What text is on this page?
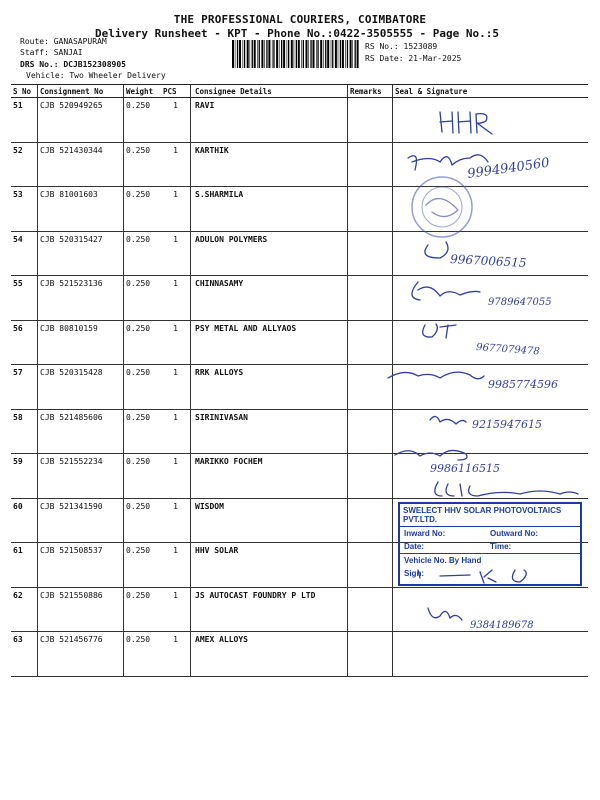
THE PROFESSIONAL COURIERS, COIMBATORE
Delivery Runsheet - KPT - Phone No.:0422-3505555 - Page No.:5
Route: GANASAPURAM
Staff: SANJAI
DRS No.: DCJB152308905
Vehicle: Two Wheeler Delivery
RS No.: 1523089
RS Date: 21-Mar-2025
S No	Consignment No	Weight	PCS	Consignee Details	Remarks	Seal & Signature
51	CJB 520949265	0.250	1	RAVI		
52	CJB 521430344	0.250	1	KARTHIK		
53	CJB 81001603	0.250	1	S.SHARMILA		
54	CJB 520315427	0.250	1	ADULON POLYMERS		
55	CJB 521523136	0.250	1	CHINNASAMY		
56	CJB 80810159	0.250	1	PSY METAL AND ALLYAOS		
57	CJB 520315428	0.250	1	RRK ALLOYS		
58	CJB 521485606	0.250	1	SIRINIVASAN		
59	CJB 521552234	0.250	1	MARIKKO FOCHEM		
60	CJB 521341590	0.250	1	WISDOM		
61	CJB 521508537	0.250	1	HHV SOLAR		
62	CJB 521550886	0.250	1	JS AUTOCAST FOUNDRY P LTD		
63	CJB 521456776	0.250	1	AMEX ALLOYS		
9994940560
9967006515
9789647055
9677079478
9985774596
9215947615
9986116515
9384189678
SWELECT HHV SOLAR PHOTOVOLTAICS PVT.LTD.
Inward No:	Outward No:
Date:	Time:
Vehicle No. By Hand
Sign:
